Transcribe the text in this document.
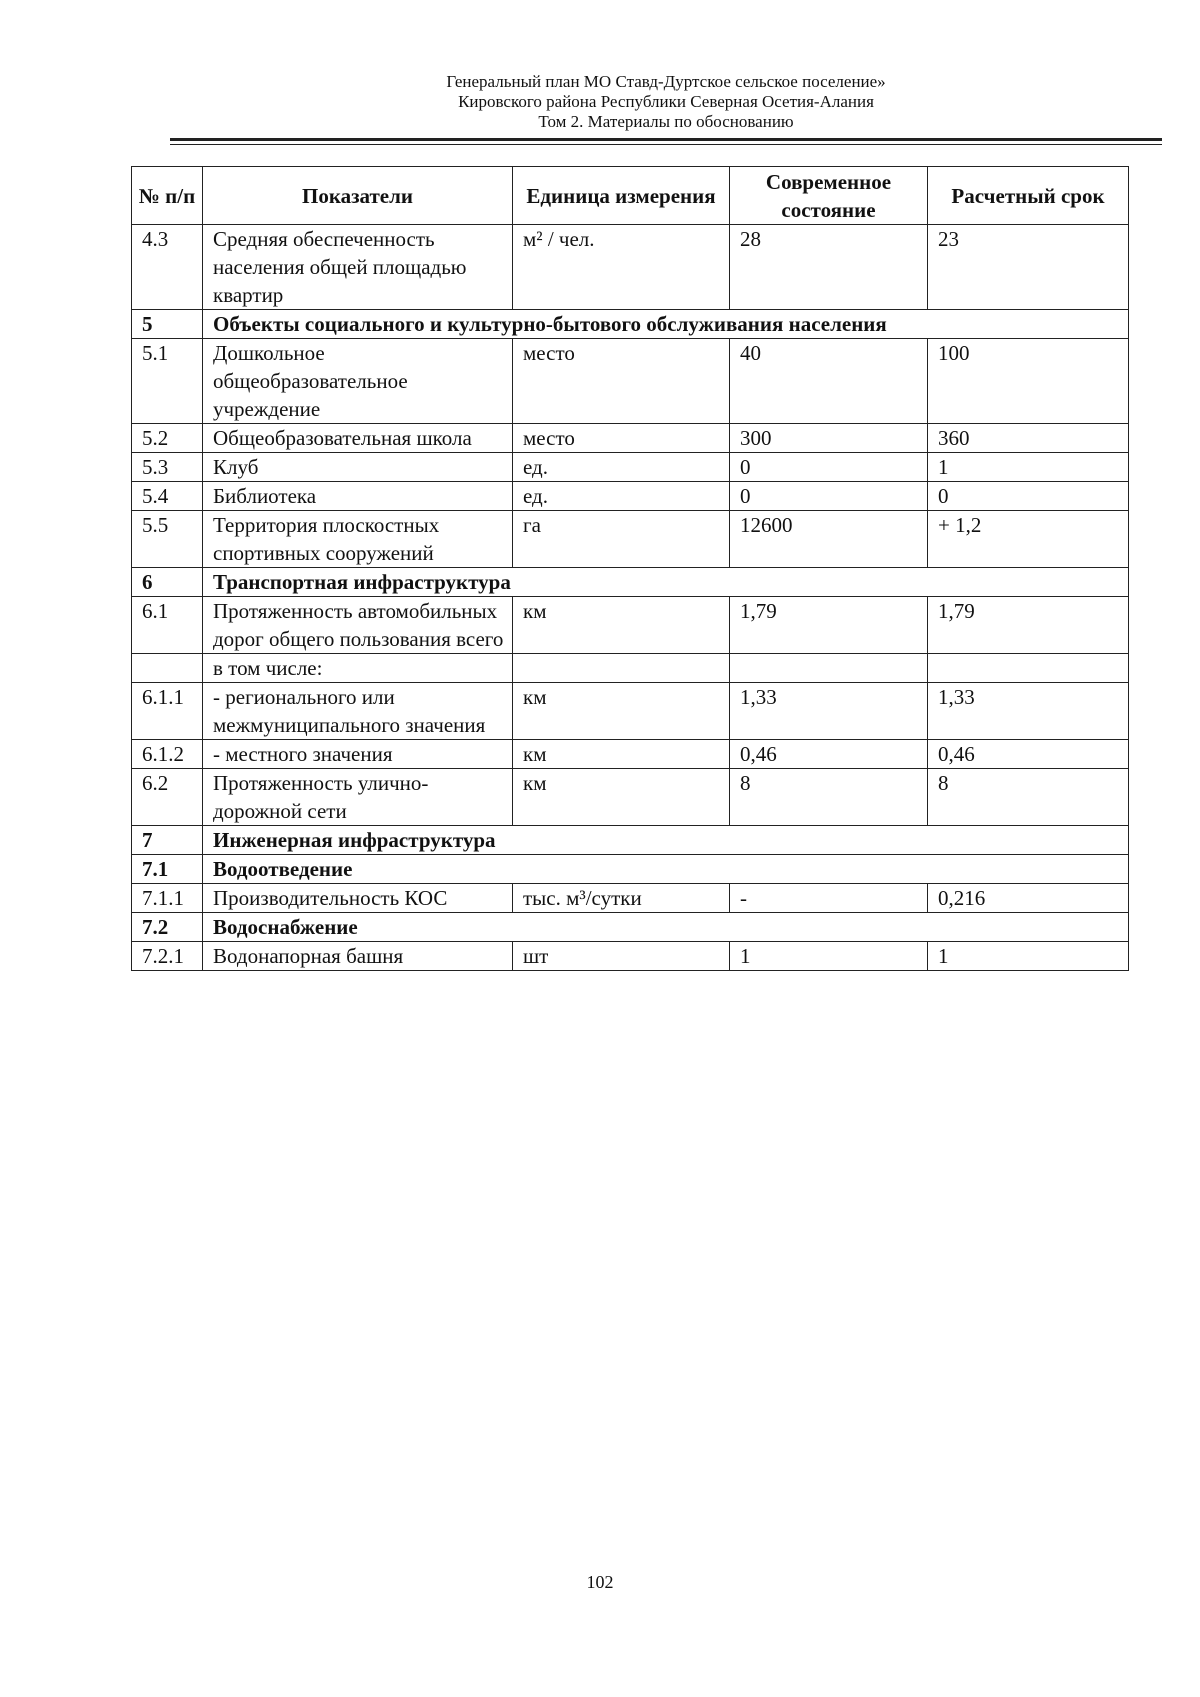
Генеральный план МО Ставд-Дуртское сельское поселение»
Кировского района Республики Северная Осетия-Алания
Том 2. Материалы по обоснованию
№ п/п	Показатели	Единица измерения	Современное состояние	Расчетный срок
4.3	Средняя обеспеченность населения общей площадью квартир	м² / чел.	28	23
5	Объекты социального и культурно-бытового обслуживания населения			
5.1	Дошкольное общеобразовательное учреждение	место	40	100
5.2	Общеобразовательная школа	место	300	360
5.3	Клуб	ед.	0	1
5.4	Библиотека	ед.	0	0
5.5	Территория плоскостных спортивных сооружений	га	12600	+ 1,2
6	Транспортная инфраструктура			
6.1	Протяженность автомобильных дорог общего пользования всего	км	1,79	1,79
	в том числе:			
6.1.1	- регионального или межмуниципального значения	км	1,33	1,33
6.1.2	- местного значения	км	0,46	0,46
6.2	Протяженность улично-дорожной сети	км	8	8
7	Инженерная инфраструктура			
7.1	Водоотведение			
7.1.1	Производительность КОС	тыс. м³/сутки	-	0,216
7.2	Водоснабжение			
7.2.1	Водонапорная башня	шт	1	1
102
